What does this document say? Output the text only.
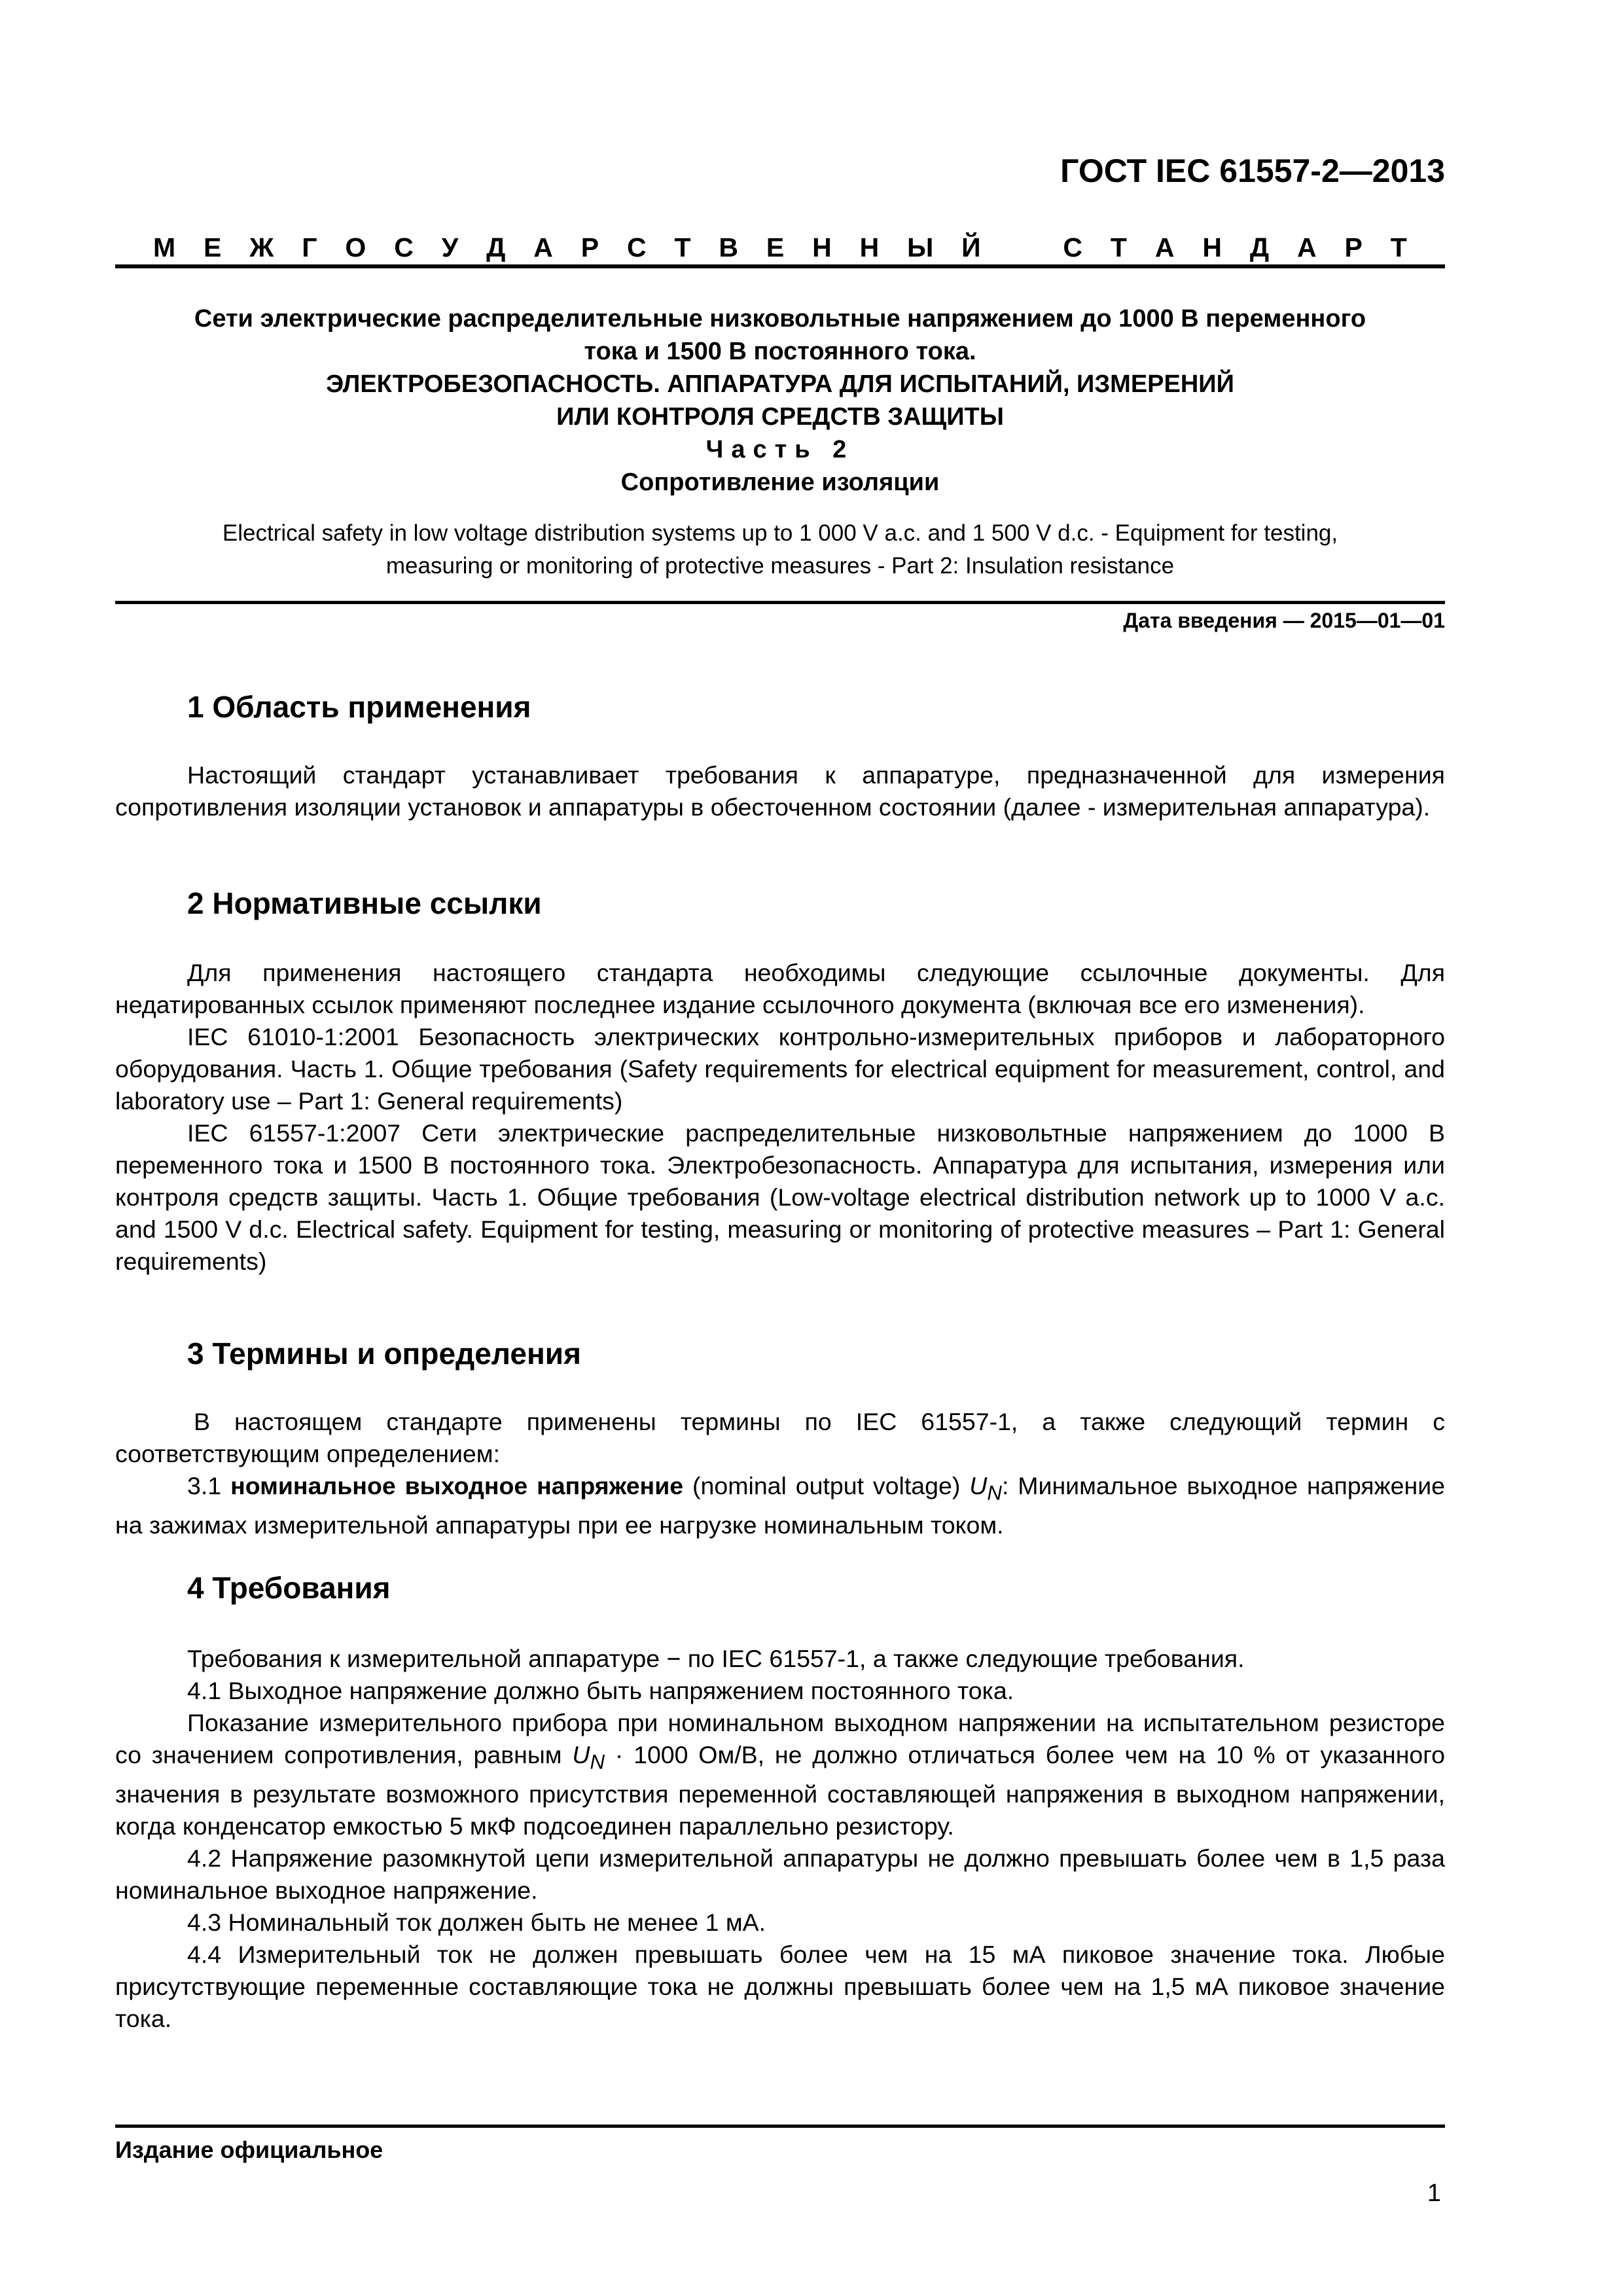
ГОСТ IEC 61557-2—2013
М Е Ж Г О С У Д А Р С Т В Е Н Н Ы Й	С Т А Н Д А Р Т
Сети электрические распределительные низковольтные напряжением до 1000 В переменного
тока и 1500 В постоянного тока.
ЭЛЕКТРОБЕЗОПАСНОСТЬ. АППАРАТУРА ДЛЯ ИСПЫТАНИЙ, ИЗМЕРЕНИЙ
ИЛИ КОНТРОЛЯ СРЕДСТВ ЗАЩИТЫ
Часть 2
Сопротивление изоляции
Electrical safety in low voltage distribution systems up to 1 000 V a.c. and 1 500 V d.c. - Equipment for testing,
measuring or monitoring of protective measures - Part 2: Insulation resistance
Дата введения — 2015—01—01
1 Область применения

Настоящий стандарт устанавливает требования к аппаратуре, предназначенной для измерения сопротивления изоляции установок и аппаратуры в обесточенном состоянии (далее - измерительная аппаратура).

2 Нормативные ссылки

Для применения настоящего стандарта необходимы следующие ссылочные документы. Для недатированных ссылок применяют последнее издание ссылочного документа (включая все его изменения).

IEC 61010-1:2001 Безопасность электрических контрольно-измерительных приборов и лабораторного оборудования. Часть 1. Общие требования (Safety requirements for electrical equipment for measurement, control, and laboratory use – Part 1: General requirements)

IEC 61557-1:2007 Сети электрические распределительные низковольтные напряжением до 1000 В переменного тока и 1500 В постоянного тока. Электробезопасность. Аппаратура для испытания, измерения или контроля средств защиты. Часть 1. Общие требования (Low-voltage electrical distribution network up to 1000 V a.c. and 1500 V d.c. Electrical safety. Equipment for testing, measuring or monitoring of protective measures – Part 1: General requirements)

3 Термины и определения

В настоящем стандарте применены термины по IEC 61557-1, а также следующий термин с соответствующим определением:

3.1 номинальное выходное напряжение (nominal output voltage) $U_N$: Минимальное выходное напряжение на зажимах измерительной аппаратуры при ее нагрузке номинальным током.

4 Требования

Требования к измерительной аппаратуре − по IEC 61557-1, а также следующие требования.

4.1 Выходное напряжение должно быть напряжением постоянного тока.

Показание измерительного прибора при номинальном выходном напряжении на испытательном резисторе со значением сопротивления, равным $U_N \cdot 1000$ Ом/В, не должно отличаться более чем на 10 % от указанного значения в результате возможного присутствия переменной составляющей напряжения в выходном напряжении, когда конденсатор емкостью 5 мкФ подсоединен параллельно резистору.

4.2 Напряжение разомкнутой цепи измерительной аппаратуры не должно превышать более чем в 1,5 раза номинальное выходное напряжение.

4.3 Номинальный ток должен быть не менее 1 мА.

4.4 Измерительный ток не должен превышать более чем на 15 мА пиковое значение тока. Любые присутствующие переменные составляющие тока не должны превышать более чем на 1,5 мА пиковое значение тока.

Издание официальное
1
